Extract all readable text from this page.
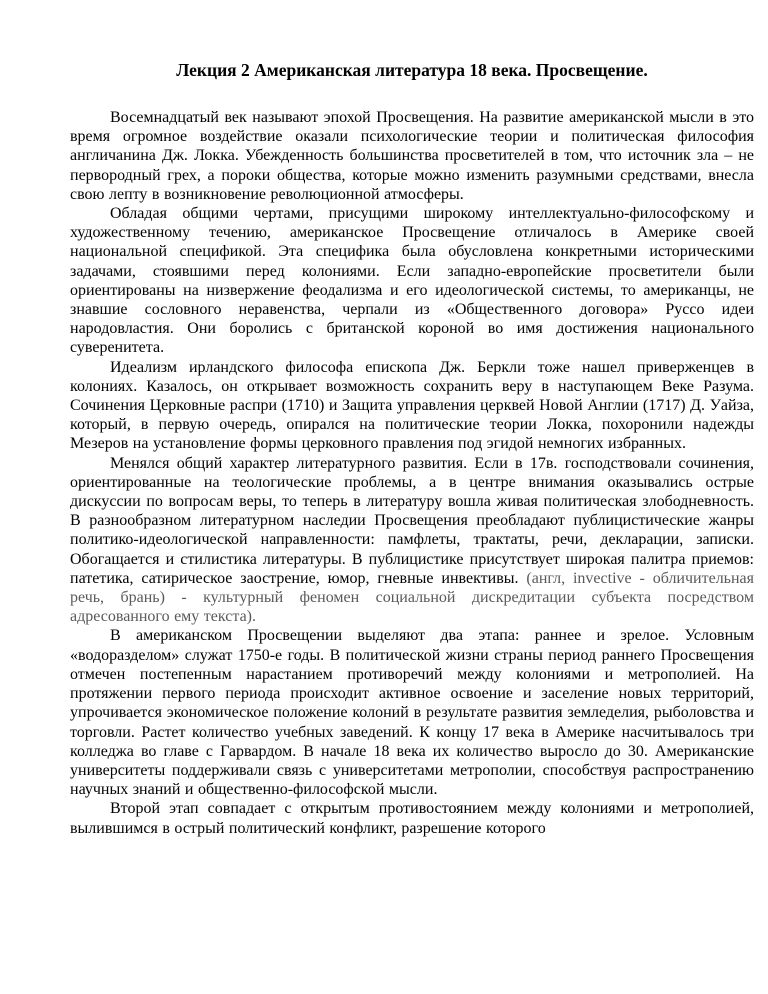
Лекция 2 Американская литература 18 века. Просвещение.

Восемнадцатый век называют эпохой Просвещения. На развитие американской мысли в это время огромное воздействие оказали психологические теории и политическая философия англичанина Дж. Локка. Убежденность большинства просветителей в том, что источник зла – не первородный грех, а пороки общества, которые можно изменить разумными средствами, внесла свою лепту в возникновение революционной атмосферы.

Обладая общими чертами, присущими широкому интеллектуально-философскому и художественному течению, американское Просвещение отличалось в Америке своей национальной спецификой. Эта специфика была обусловлена конкретными историческими задачами, стоявшими перед колониями. Если западно-европейские просветители были ориентированы на низвержение феодализма и его идеологической системы, то американцы, не знавшие сословного неравенства, черпали из «Общественного договора» Руссо идеи народовластия. Они боролись с британской короной во имя достижения национального суверенитета.

Идеализм ирландского философа епископа Дж. Беркли тоже нашел приверженцев в колониях. Казалось, он открывает возможность сохранить веру в наступающем Веке Разума. Сочинения Церковные распри (1710) и Защита управления церквей Новой Англии (1717) Д. Уайза, который, в первую очередь, опирался на политические теории Локка, похоронили надежды Мезеров на установление формы церковного правления под эгидой немногих избранных.

Менялся общий характер литературного развития. Если в 17в. господствовали сочинения, ориентированные на теологические проблемы, а в центре внимания оказывались острые дискуссии по вопросам веры, то теперь в литературу вошла живая политическая злободневность. В разнообразном литературном наследии Просвещения преобладают публицистические жанры политико-идеологической направленности: памфлеты, трактаты, речи, декларации, записки. Обогащается и стилистика литературы. В публицистике присутствует широкая палитра приемов: патетика, сатирическое заострение, юмор, гневные инвективы. (англ, invective - обличительная речь, брань) - культурный феномен социальной дискредитации субъекта посредством адресованного ему текста).

В американском Просвещении выделяют два этапа: раннее и зрелое. Условным «водоразделом» служат 1750-е годы. В политической жизни страны период раннего Просвещения отмечен постепенным нарастанием противоречий между колониями и метрополией. На протяжении первого периода происходит активное освоение и заселение новых территорий, упрочивается экономическое положение колоний в результате развития земледелия, рыболовства и торговли. Растет количество учебных заведений. К концу 17 века в Америке насчитывалось три колледжа во главе с Гарвардом. В начале 18 века их количество выросло до 30. Американские университеты поддерживали связь с университетами метрополии, способствуя распространению научных знаний и общественно-философской мысли.

Второй этап совпадает с открытым противостоянием между колониями и метрополией, вылившимся в острый политический конфликт, разрешение которого
